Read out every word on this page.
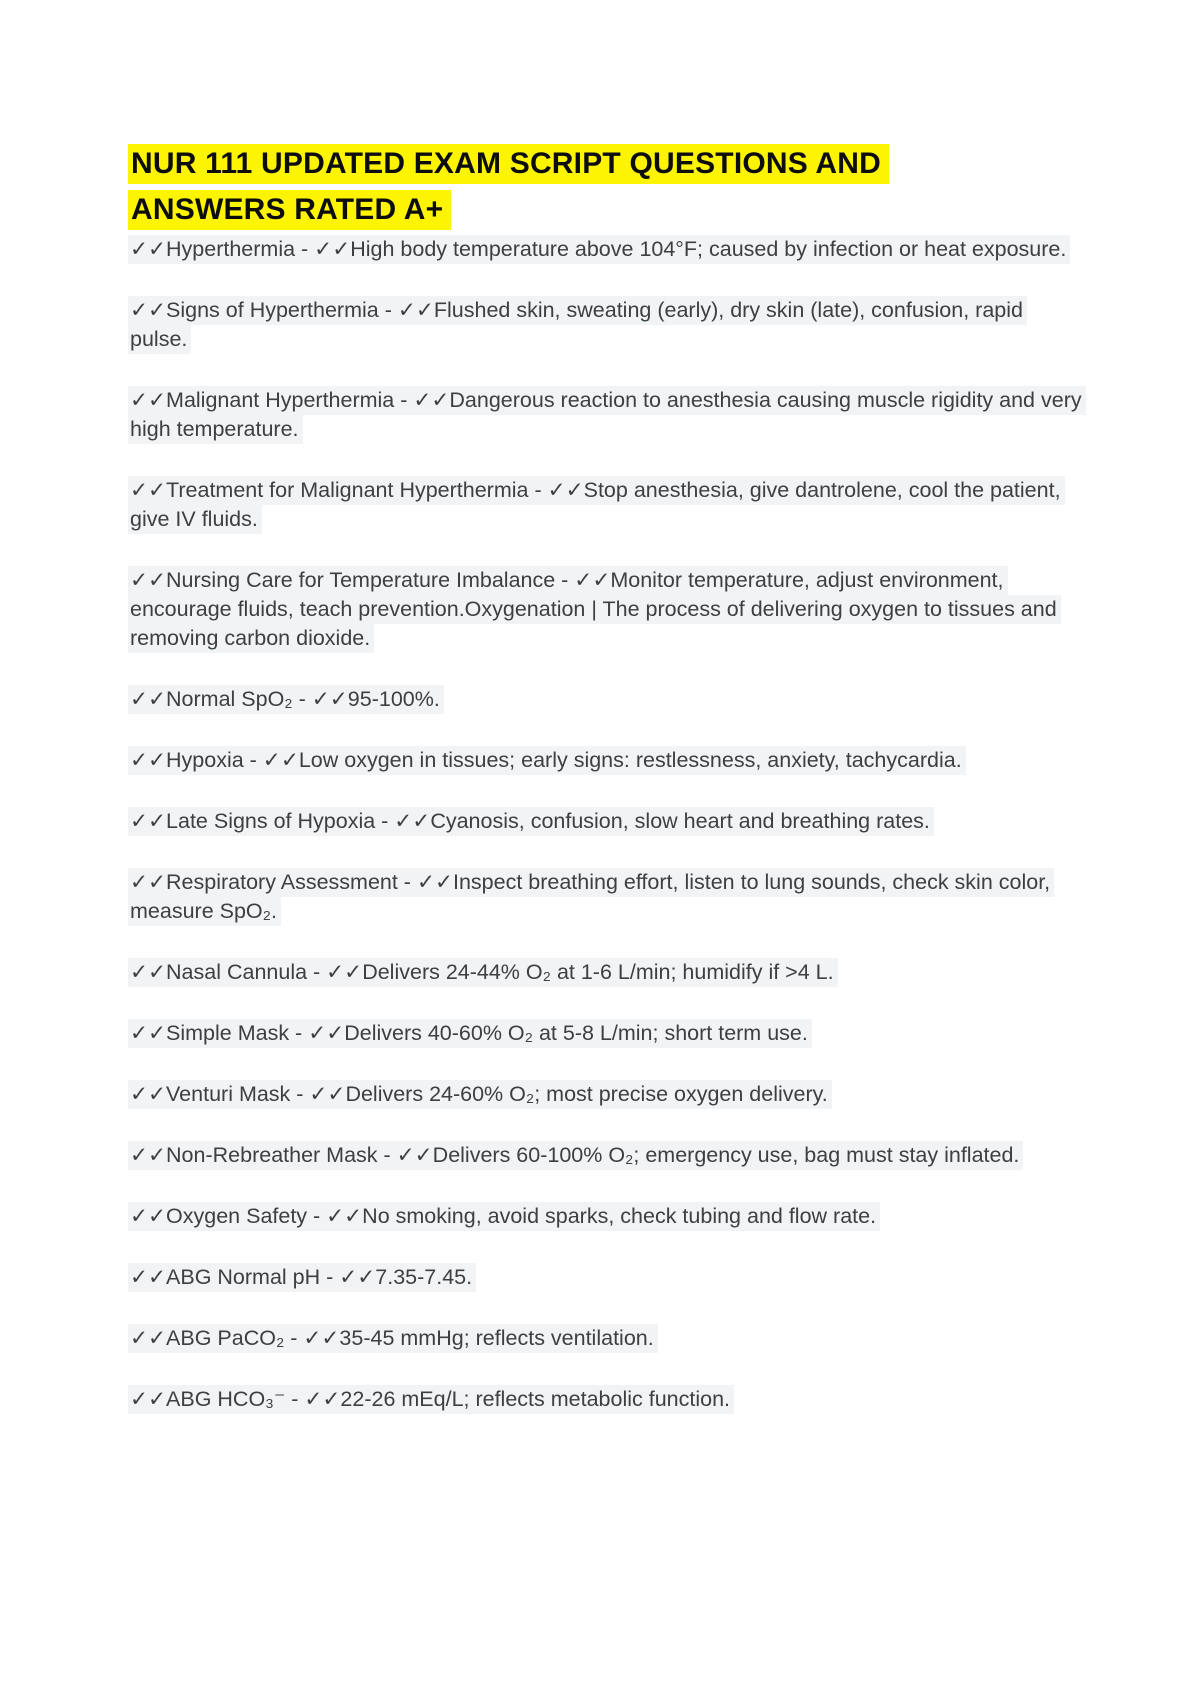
NUR 111 UPDATED EXAM SCRIPT QUESTIONS AND
ANSWERS RATED A+

✓✓Hyperthermia - ✓✓High body temperature above 104°F; caused by infection or heat exposure.

✓✓Signs of Hyperthermia - ✓✓Flushed skin, sweating (early), dry skin (late), confusion, rapid pulse.

✓✓Malignant Hyperthermia - ✓✓Dangerous reaction to anesthesia causing muscle rigidity and very high temperature.

✓✓Treatment for Malignant Hyperthermia - ✓✓Stop anesthesia, give dantrolene, cool the patient, give IV fluids.

✓✓Nursing Care for Temperature Imbalance - ✓✓Monitor temperature, adjust environment, encourage fluids, teach prevention.Oxygenation | The process of delivering oxygen to tissues and removing carbon dioxide.

✓✓Normal SpO₂ - ✓✓95-100%.

✓✓Hypoxia - ✓✓Low oxygen in tissues; early signs: restlessness, anxiety, tachycardia.

✓✓Late Signs of Hypoxia - ✓✓Cyanosis, confusion, slow heart and breathing rates.

✓✓Respiratory Assessment - ✓✓Inspect breathing effort, listen to lung sounds, check skin color, measure SpO₂.

✓✓Nasal Cannula - ✓✓Delivers 24-44% O₂ at 1-6 L/min; humidify if >4 L.

✓✓Simple Mask - ✓✓Delivers 40-60% O₂ at 5-8 L/min; short term use.

✓✓Venturi Mask - ✓✓Delivers 24-60% O₂; most precise oxygen delivery.

✓✓Non-Rebreather Mask - ✓✓Delivers 60-100% O₂; emergency use, bag must stay inflated.

✓✓Oxygen Safety - ✓✓No smoking, avoid sparks, check tubing and flow rate.

✓✓ABG Normal pH - ✓✓7.35-7.45.

✓✓ABG PaCO₂ - ✓✓35-45 mmHg; reflects ventilation.

✓✓ABG HCO₃⁻ - ✓✓22-26 mEq/L; reflects metabolic function.
